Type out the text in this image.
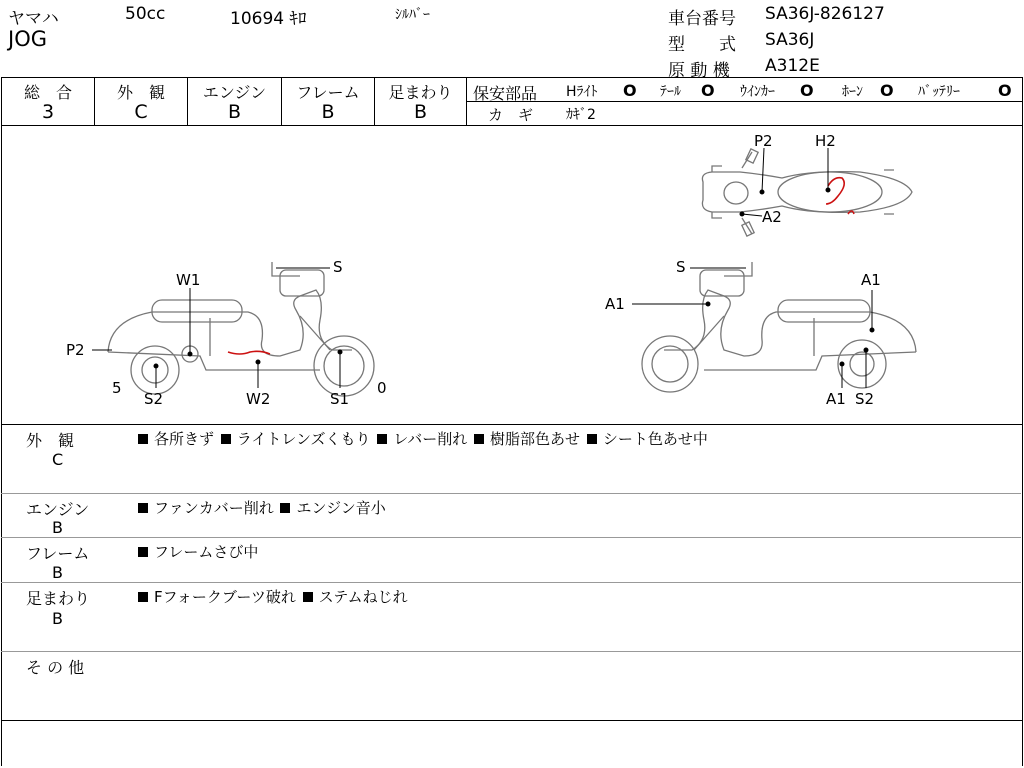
ヤマハ	50cc	10694 ｷﾛ	ｼﾙﾊﾞｰ
JOG
車台番号 SA36J-826127
型　　式 SA36J
原 動 機 A312E
総　合
3
外　観
C
エンジン
B
フレーム
B
足まわり
B
保安部品 Hﾗｲﾄ O ﾃｰﾙ O ｳｲﾝｶｰ O ﾎｰﾝ O ﾊﾞｯﾃﾘｰ O
カ　ギ ｶｷﾞ2
P2	H2
A2
S
W1
P2
5
S2	W2	S1
0
S
A1
A1
A1 S2
外　観
C
各所きず ライトレンズくもり レバー削れ 樹脂部色あせ シート色あせ中
エンジン
B
ファンカバー削れ エンジン音小
フレーム
B
フレームさび中
足まわり
B
Fフォークブーツ破れ ステムねじれ
そ の 他
